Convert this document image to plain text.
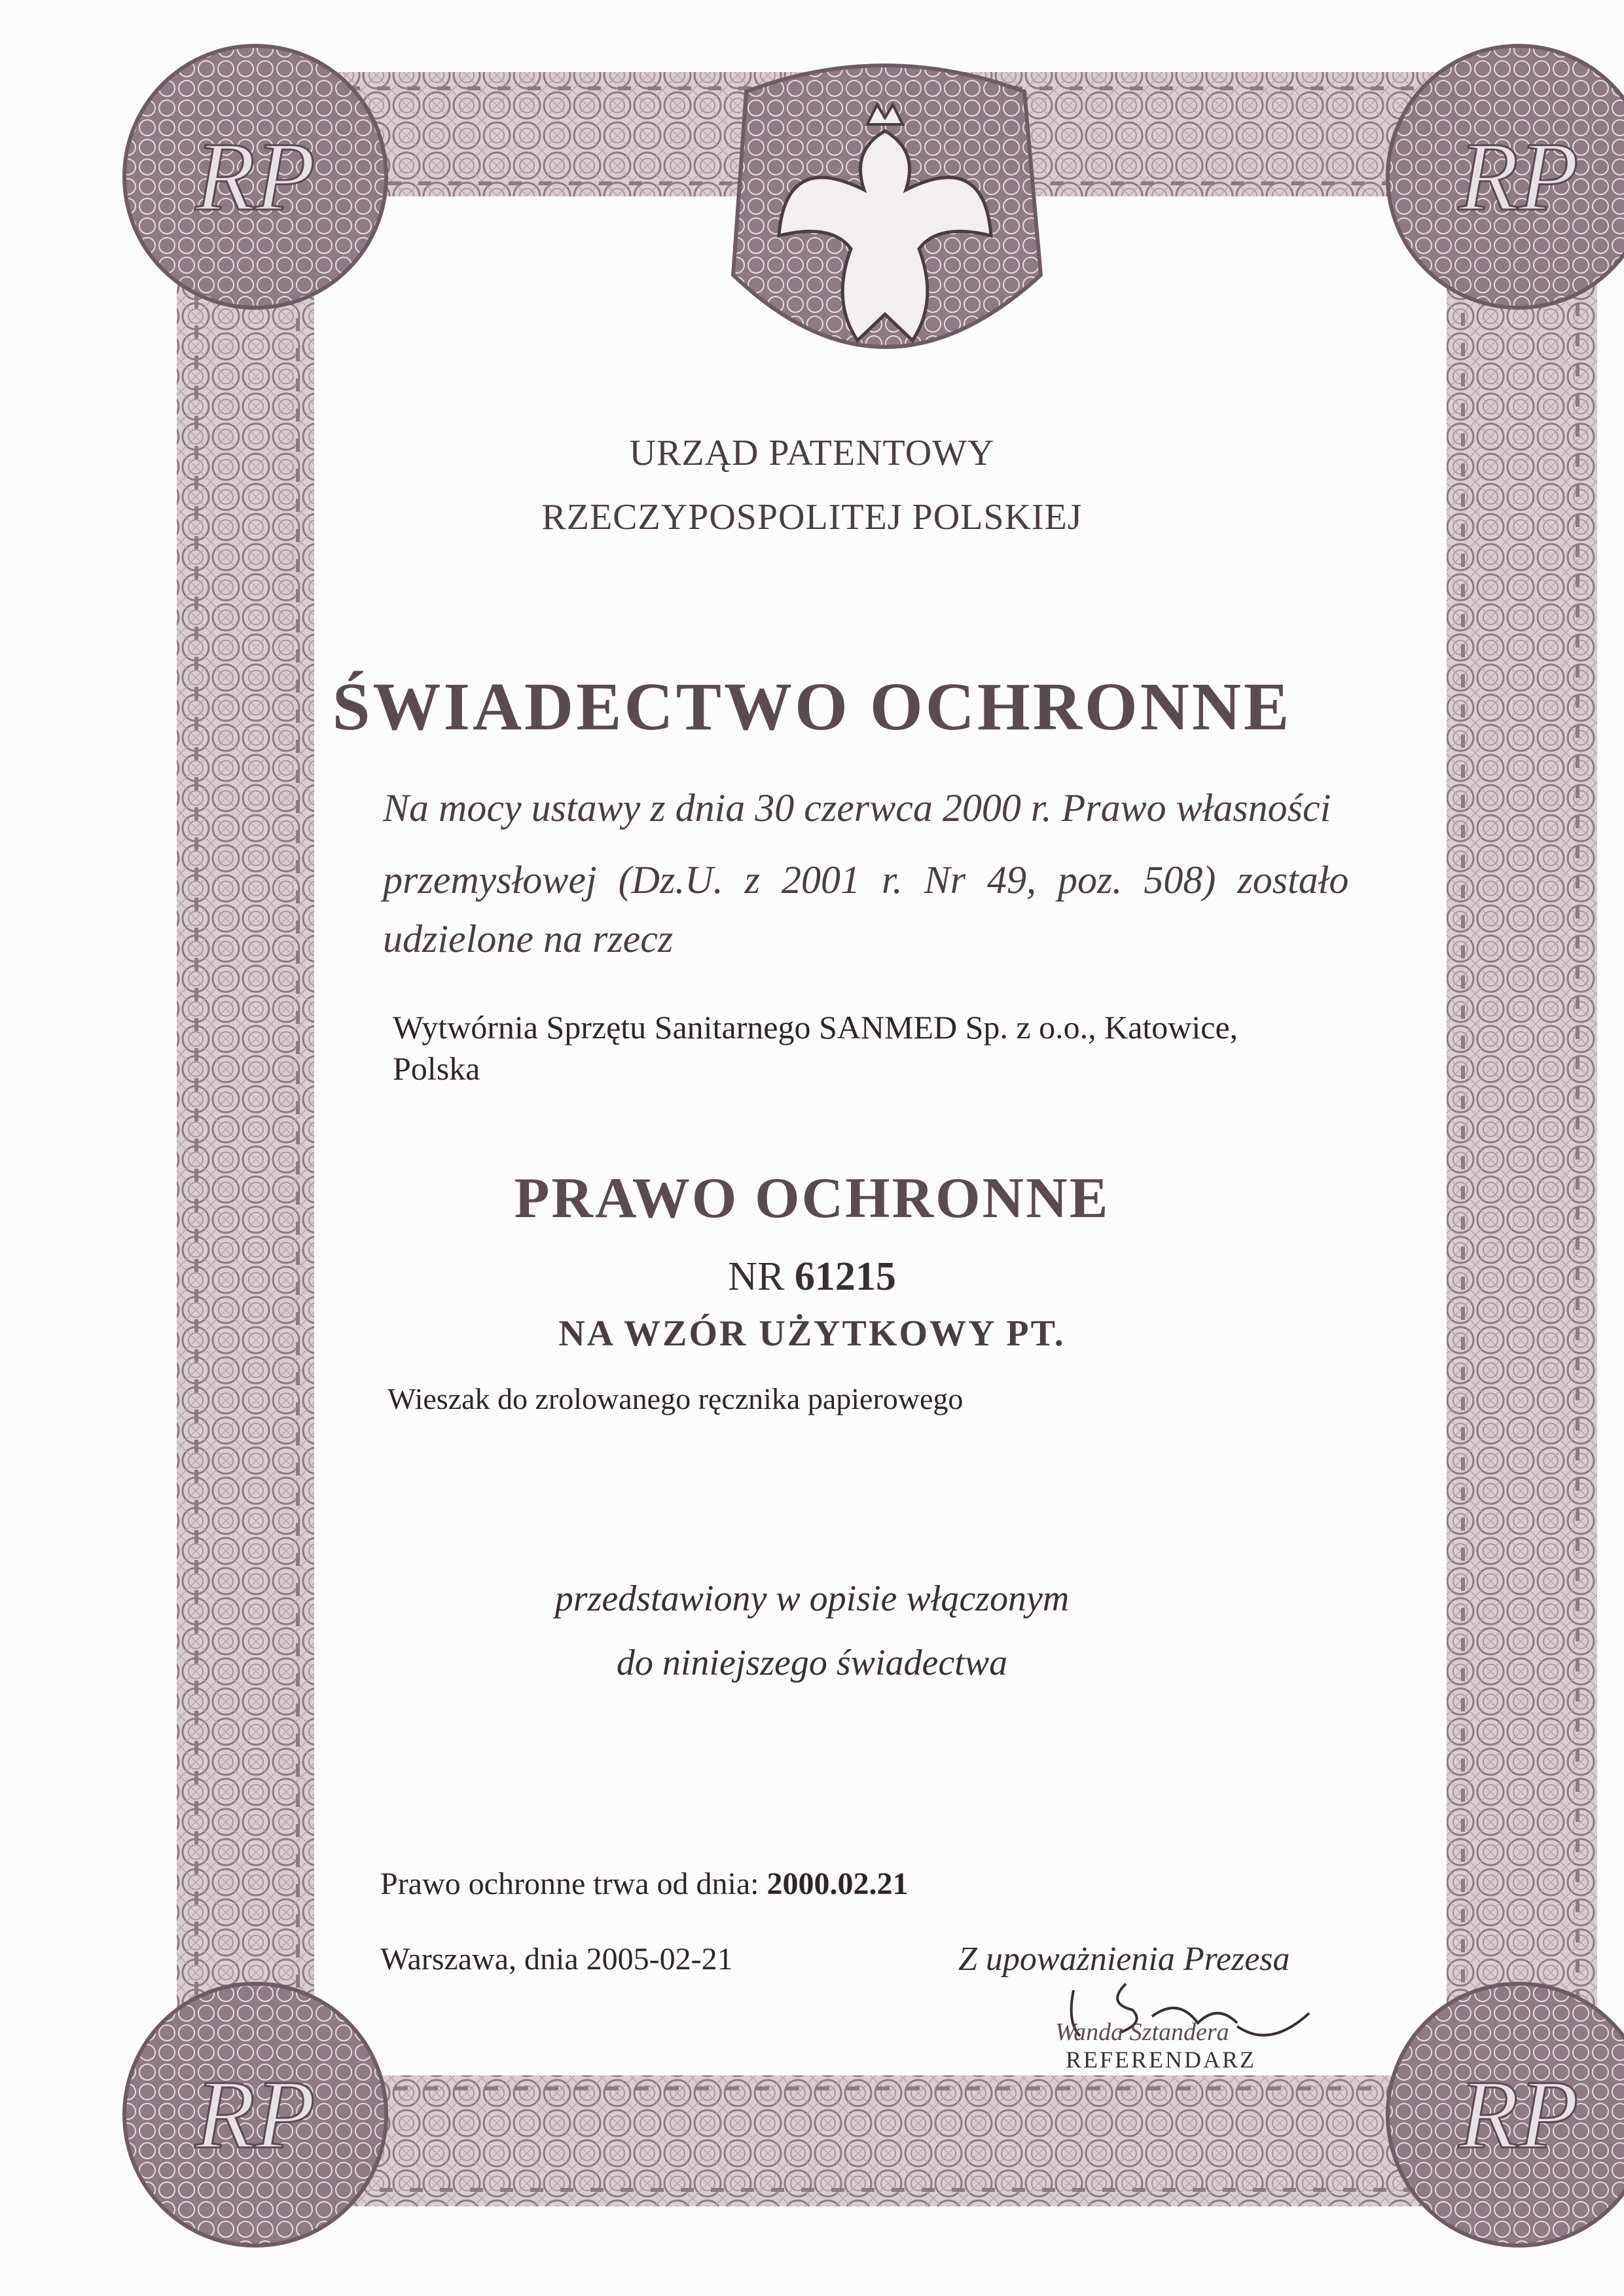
RP	RP
RP	RP
URZĄD PATENTOWY
RZECZYPOSPOLITEJ POLSKIEJ
ŚWIADECTWO OCHRONNE
Na mocy ustawy z dnia 30 czerwca 2000 r. Prawo własności
przemysłowej (Dz.U. z 2001 r. Nr 49, poz. 508) zostało
udzielone na rzecz
Wytwórnia Sprzętu Sanitarnego SANMED Sp. z o.o., Katowice,
Polska
PRAWO OCHRONNE
NR 61215
NA WZÓR UŻYTKOWY PT.
Wieszak do zrolowanego ręcznika papierowego
przedstawiony w opisie włączonym
do niniejszego świadectwa
Prawo ochronne trwa od dnia: 2000.02.21
Warszawa, dnia 2005-02-21	Z upoważnienia Prezesa
Wanda Sztandera
REFERENDARZ
